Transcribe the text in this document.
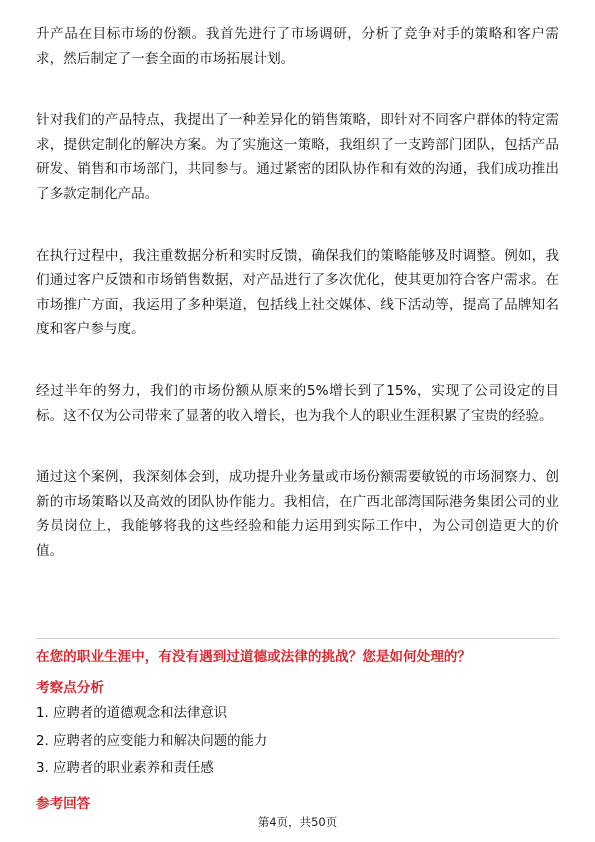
升产品在目标市场的份额。我首先进行了市场调研，分析了竞争对手的策略和客户需求，然后制定了一套全面的市场拓展计划。

针对我们的产品特点，我提出了一种差异化的销售策略，即针对不同客户群体的特定需求，提供定制化的解决方案。为了实施这一策略，我组织了一支跨部门团队，包括产品研发、销售和市场部门，共同参与。通过紧密的团队协作和有效的沟通，我们成功推出了多款定制化产品。

在执行过程中，我注重数据分析和实时反馈，确保我们的策略能够及时调整。例如，我们通过客户反馈和市场销售数据，对产品进行了多次优化，使其更加符合客户需求。在市场推广方面，我运用了多种渠道，包括线上社交媒体、线下活动等，提高了品牌知名度和客户参与度。

经过半年的努力，我们的市场份额从原来的5%增长到了15%，实现了公司设定的目标。这不仅为公司带来了显著的收入增长，也为我个人的职业生涯积累了宝贵的经验。

通过这个案例，我深刻体会到，成功提升业务量或市场份额需要敏锐的市场洞察力、创新的市场策略以及高效的团队协作能力。我相信，在广西北部湾国际港务集团公司的业务员岗位上，我能够将我的这些经验和能力运用到实际工作中，为公司创造更大的价值。

在您的职业生涯中，有没有遇到过道德或法律的挑战？您是如何处理的？
考察点分析
1. 应聘者的道德观念和法律意识
2. 应聘者的应变能力和解决问题的能力
3. 应聘者的职业素养和责任感
参考回答
第4页，共50页
